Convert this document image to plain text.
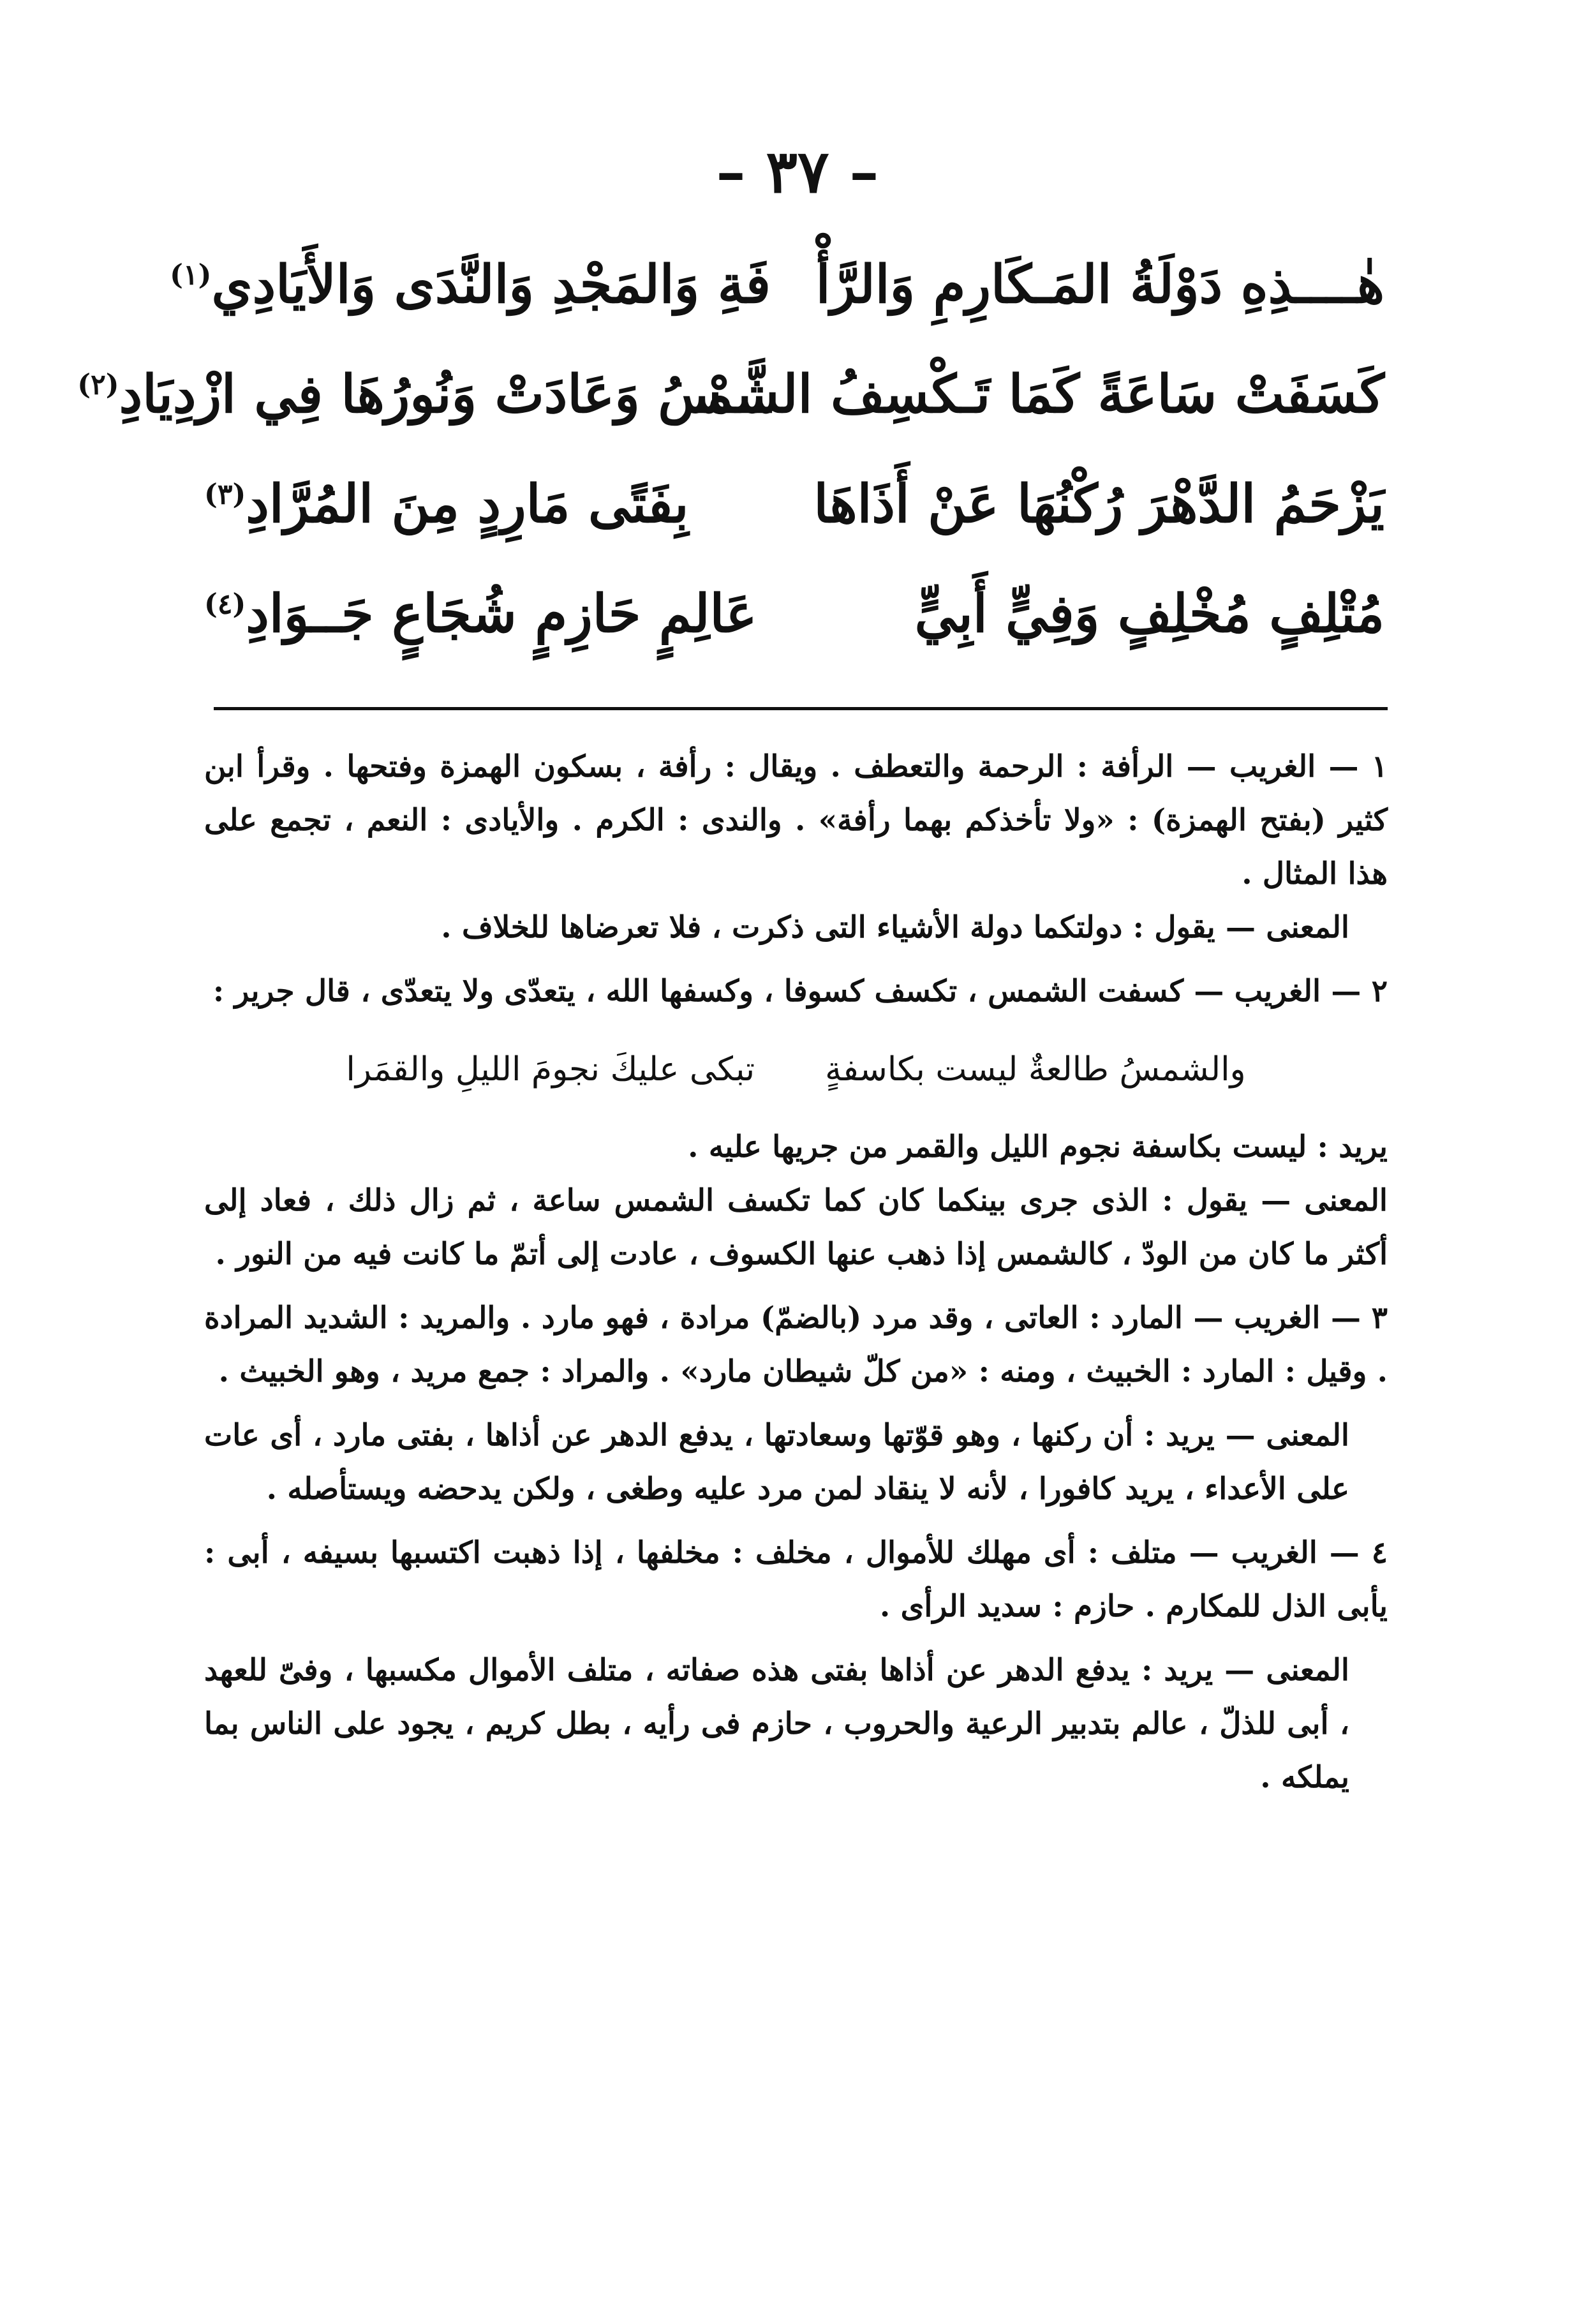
– ٣٧ –
هٰــــذِهِ دَوْلَةُ المَـكَارِمِ وَالرَّأْ
فَةِ وَالمَجْدِ وَالنَّدَى وَالأَيَادِي$^{(١)}$
كَسَفَتْ سَاعَةً كَمَا تَـكْسِفُ الشَّمْـ
ـــسُ وَعَادَتْ وَنُورُهَا فِي ازْدِيَادِ$^{(٢)}$
يَزْحَمُ الدَّهْرَ رُكْنُهَا عَنْ أَذَاهَا
بِفَتًى مَارِدٍ مِنَ المُرَّادِ$^{(٣)}$
مُتْلِفٍ مُخْلِفٍ وَفِيٍّ أَبِيٍّ
عَالِمٍ حَازِمٍ شُجَاعٍ جَــوَادِ$^{(٤)}$

١ — الغريب — الرأفة : الرحمة والتعطف . ويقال : رأفة ، بسكون الهمزة وفتحها . وقرأ ابن كثير (بفتح الهمزة) : «ولا تأخذكم بهما رأفة» . والندى : الكرم . والأيادى : النعم ، تجمع على هذا المثال .

المعنى — يقول : دولتكما دولة الأشياء التى ذكرت ، فلا تعرضاها للخلاف .

٢ — الغريب — كسفت الشمس ، تكسف كسوفا ، وكسفها الله ، يتعدّى ولا يتعدّى ، قال جرير :

والشمسُ طالعةٌ ليست بكاسفةٍ
تبكى عليكَ نجومَ الليلِ والقمَرا

يريد : ليست بكاسفة نجوم الليل والقمر من جريها عليه .

المعنى — يقول : الذى جرى بينكما كان كما تكسف الشمس ساعة ، ثم زال ذلك ، فعاد إلى أكثر ما كان من الودّ ، كالشمس إذا ذهب عنها الكسوف ، عادت إلى أتمّ ما كانت فيه من النور .

٣ — الغريب — المارد : العاتى ، وقد مرد (بالضمّ) مرادة ، فهو مارد . والمريد : الشديد المرادة . وقيل : المارد : الخبيث ، ومنه : «من كلّ شيطان مارد» . والمراد : جمع مريد ، وهو الخبيث .

المعنى — يريد : أن ركنها ، وهو قوّتها وسعادتها ، يدفع الدهر عن أذاها ، بفتى مارد ، أى عات على الأعداء ، يريد كافورا ، لأنه لا ينقاد لمن مرد عليه وطغى ، ولكن يدحضه ويستأصله .

٤ — الغريب — متلف : أى مهلك للأموال ، مخلف : مخلفها ، إذا ذهبت اكتسبها بسيفه ، أبى : يأبى الذل للمكارم . حازم : سديد الرأى .

المعنى — يريد : يدفع الدهر عن أذاها بفتى هذه صفاته ، متلف الأموال مكسبها ، وفىّ للعهد ، أبى للذلّ ، عالم بتدبير الرعية والحروب ، حازم فى رأيه ، بطل كريم ، يجود على الناس بما يملكه .
